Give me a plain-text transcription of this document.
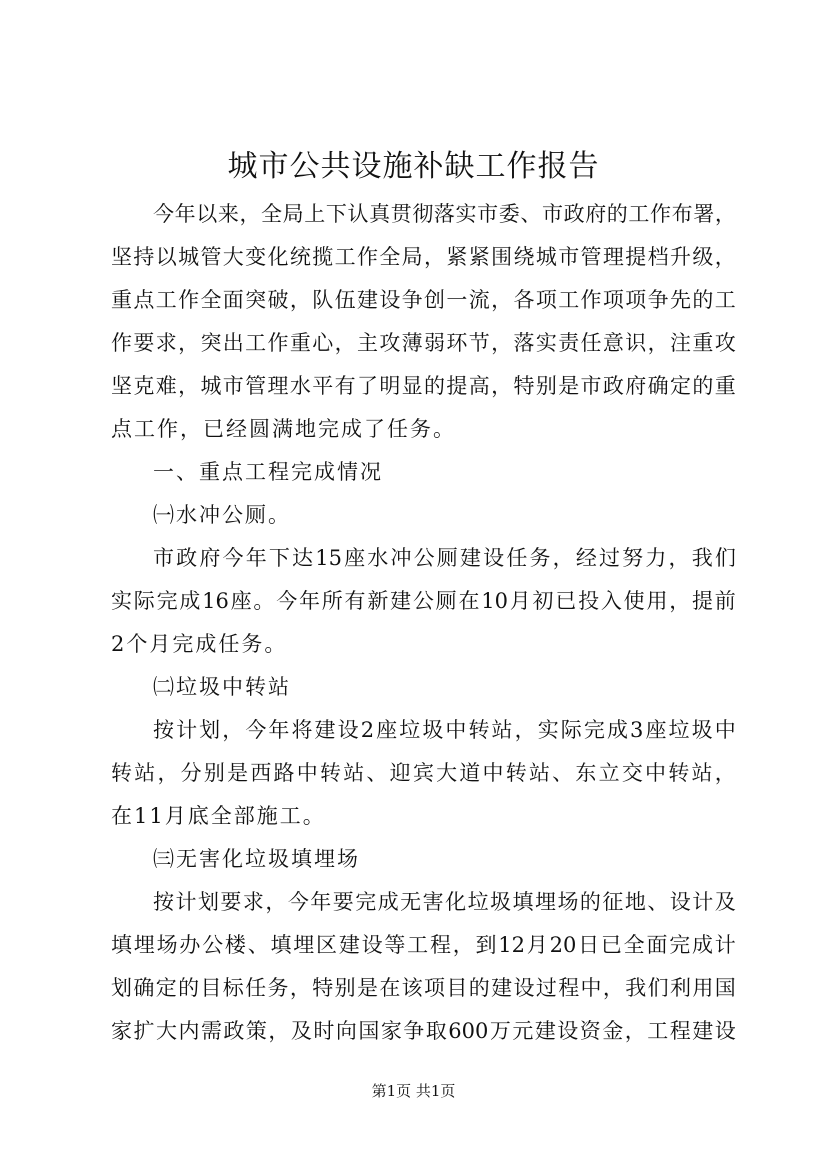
城市公共设施补缺工作报告
今 年 以 来 ， 全 局 上 下 认 真 贯 彻 落 实 市 委 、 市 政 府 的 工 作 布 署 ，
坚 持 以 城 管 大 变 化 统 揽 工 作 全 局 ， 紧 紧 围 绕 城 市 管 理 提 档 升 级 ，
重 点 工 作 全 面 突 破 ， 队 伍 建 设 争 创 一 流 ， 各 项 工 作 项 项 争 先 的 工
作 要 求 ， 突 出 工 作 重 心 ， 主 攻 薄 弱 环 节 ， 落 实 责 任 意 识 ， 注 重 攻
坚 克 难 ， 城 市 管 理 水 平 有 了 明 显 的 提 高 ， 特 别 是 市 政 府 确 定 的 重
点工作，已经圆满地完成了任务。
一、重点工程完成情况
㈠水冲公厕。
市 政 府 今 年 下 达 15 座 水 冲 公 厕 建 设 任 务 ， 经 过 努 力 ， 我 们
实 际 完 成 16 座 。 今 年 所 有 新 建 公 厕 在 10 月 初 已 投 入 使 用 ， 提 前
2个月完成任务。
㈡垃圾中转站
按 计 划 ， 今 年 将 建 设 2 座 垃 圾 中 转 站 ， 实 际 完 成 3 座 垃 圾 中
转 站 ， 分 别 是 西 路 中 转 站 、 迎 宾 大 道 中 转 站 、 东 立 交 中 转 站 ，
在11月底全部施工。
㈢无害化垃圾填埋场
按 计 划 要 求 ， 今 年 要 完 成 无 害 化 垃 圾 填 埋 场 的 征 地 、 设 计 及
填 埋 场 办 公 楼 、 填 埋 区 建 设 等 工 程 ， 到 12 月 20 日 已 全 面 完 成 计
划 确 定 的 目 标 任 务 ， 特 别 是 在 该 项 目 的 建 设 过 程 中 ， 我 们 利 用 国
家 扩 大 内 需 政 策 ， 及 时 向 国 家 争 取 600 万 元 建 设 资 金 ， 工 程 建 设
第1页 共1页
